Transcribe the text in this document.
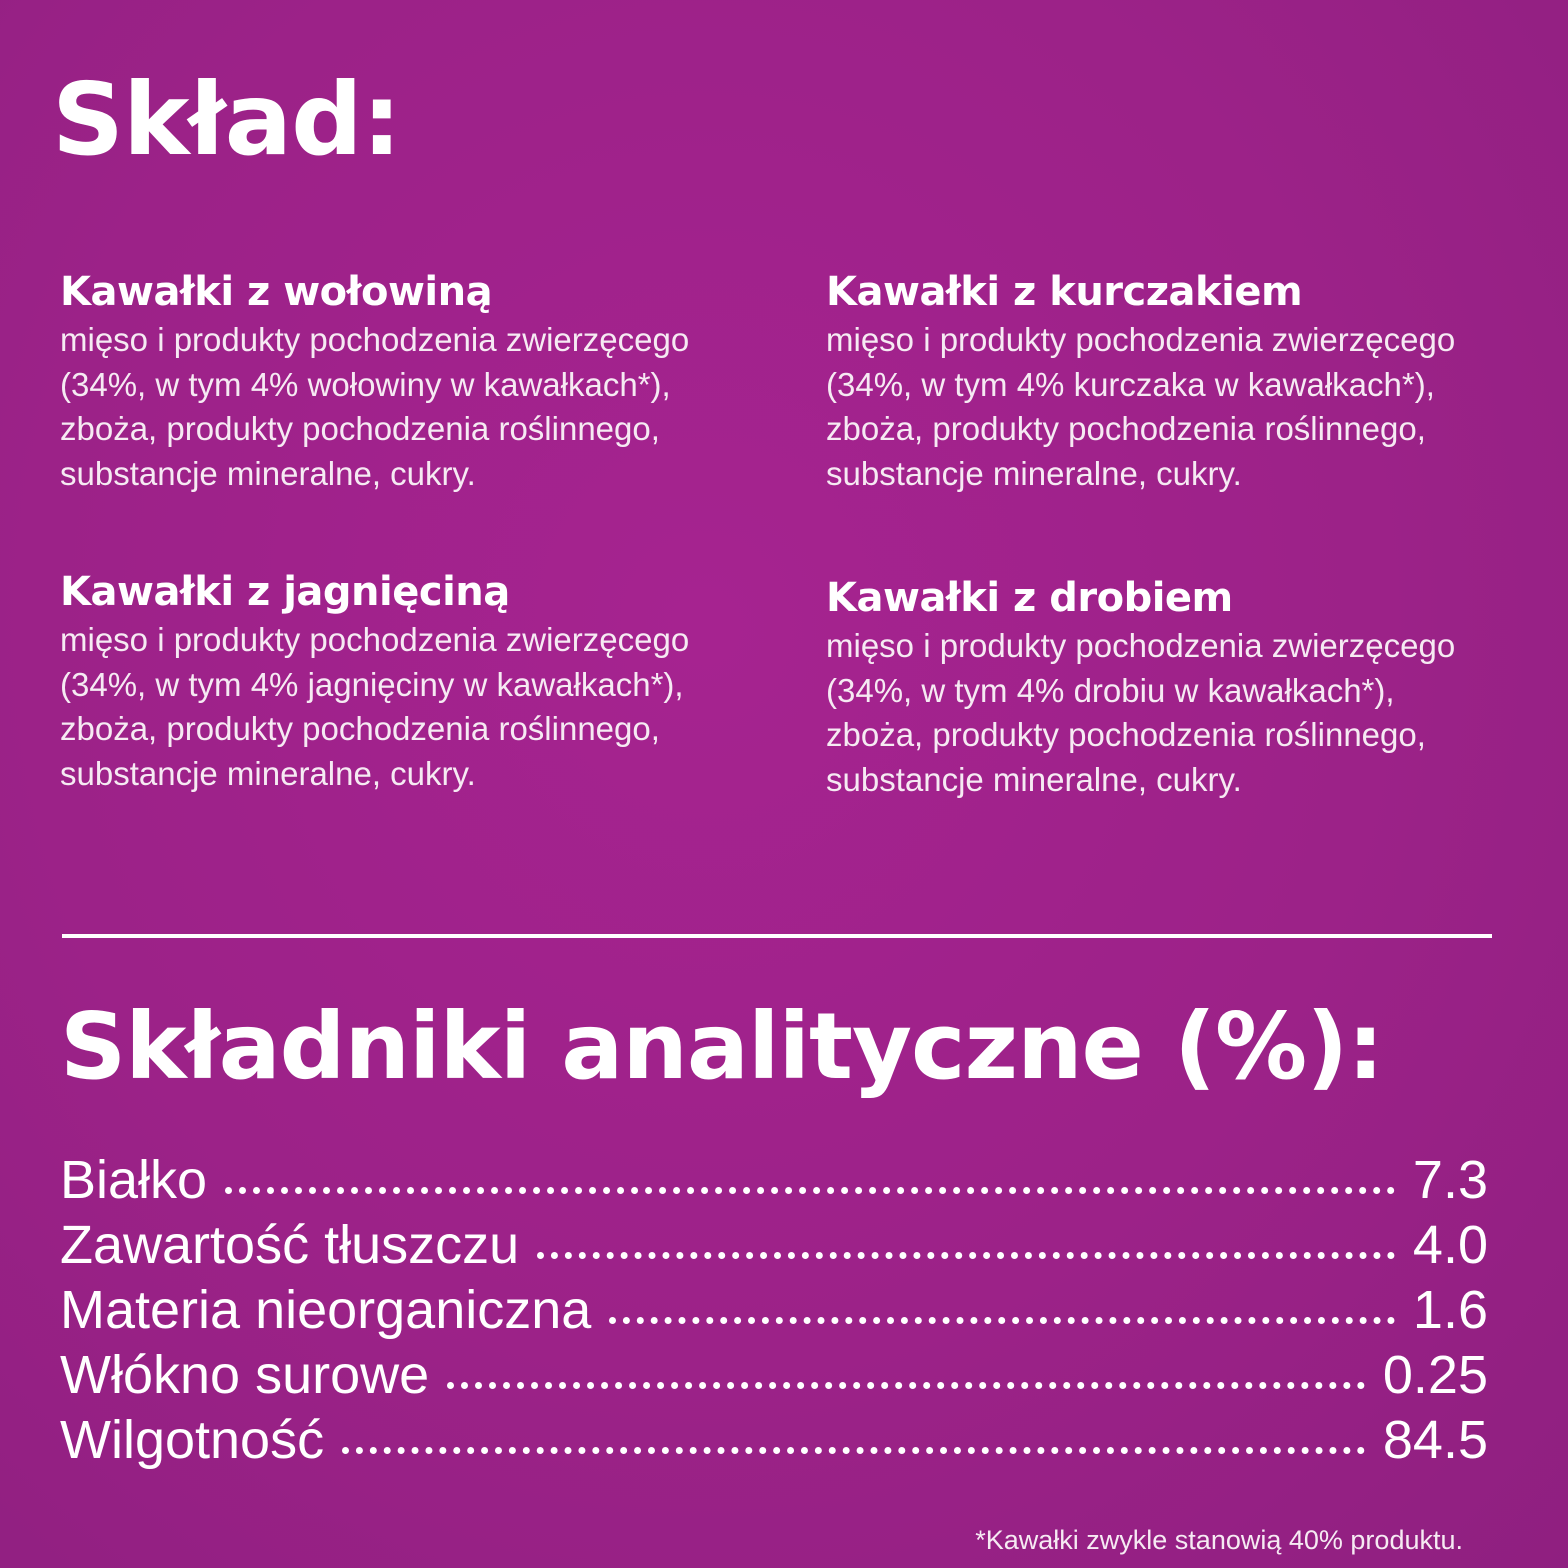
Skład:
Kawałki z wołowiną
mięso i produkty pochodzenia zwierzęcego
(34%, w tym 4% wołowiny w kawałkach*),
zboża, produkty pochodzenia roślinnego,
substancje mineralne, cukry.
Kawałki z kurczakiem
mięso i produkty pochodzenia zwierzęcego
(34%, w tym 4% kurczaka w kawałkach*),
zboża, produkty pochodzenia roślinnego,
substancje mineralne, cukry.
Kawałki z jagnięciną
mięso i produkty pochodzenia zwierzęcego
(34%, w tym 4% jagnięciny w kawałkach*),
zboża, produkty pochodzenia roślinnego,
substancje mineralne, cukry.
Kawałki z drobiem
mięso i produkty pochodzenia zwierzęcego
(34%, w tym 4% drobiu w kawałkach*),
zboża, produkty pochodzenia roślinnego,
substancje mineralne, cukry.
Składniki analityczne (%):
Białko	7.3
Zawartość tłuszczu	4.0
Materia nieorganiczna	1.6
Włókno surowe	0.25
Wilgotność	84.5
*Kawałki zwykle stanowią 40% produktu.
